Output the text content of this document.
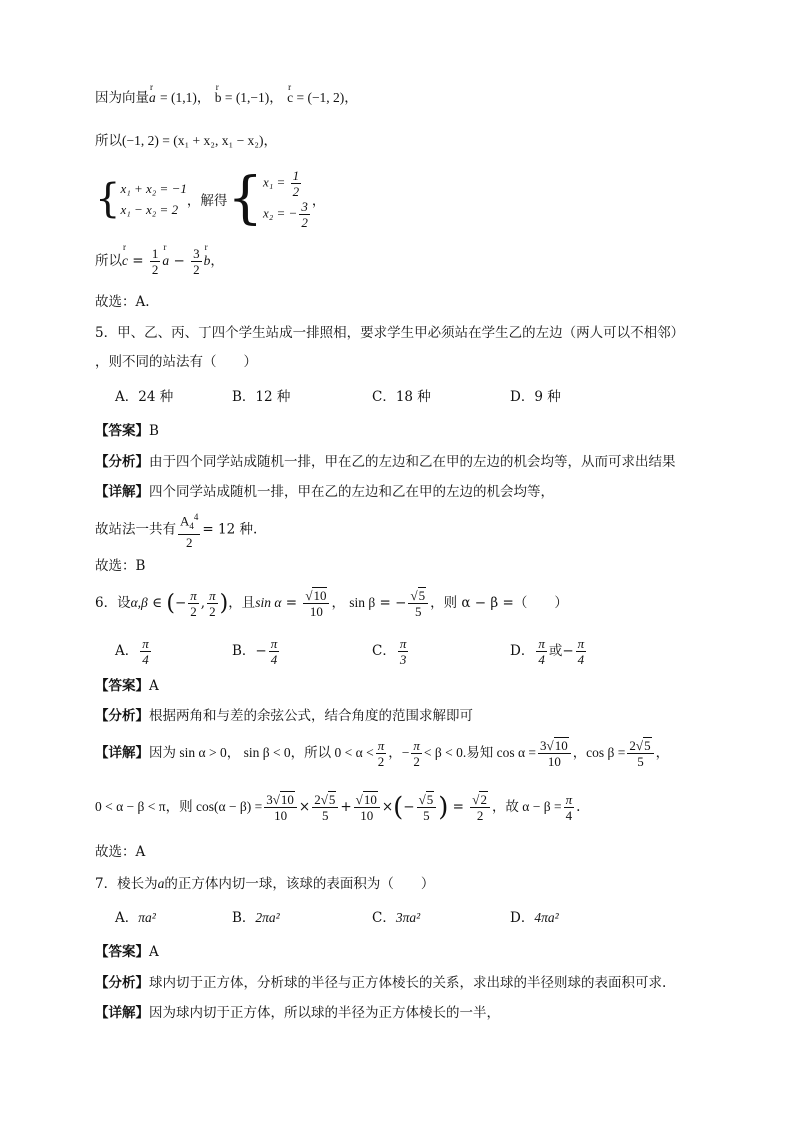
因为向量r a = (1,1)， b = (1,−1)， c = (−1, 2)，
所以(−1, 2) = (x₁ + x₂, x₁ − x₂)，
{ x₁ + x₂ = −1
x₁ − x₂ = 2
，解得{ $x_1 = \frac{1}{2}$
x₂ = − $\frac{3}{2}$ ，
所以r $c = \frac{1}{2}$ r $a - \frac{3}{2}$ r b，
故选：A.
5．甲、乙、丙、丁四个学生站成一排照相，要求学生甲必须站在学生乙的左边（两人可以不相邻）
，则不同的站法有（　　）
A．24 种	B．12 种	C．18 种	D．9 种
【答案】B
【分析】由于四个同学站成随机一排，甲在乙的左边和乙在甲的左边的机会均等，从而可求出结果
【详解】四个同学站成随机一排，甲在乙的左边和乙在甲的左边的机会均等，
故站法一共有 $\frac{A_4^4}{2} = 12$ 种.
故选：B
6．设α,β ∈ (− $\frac{\pi}{2}$ , $\frac{\pi}{2}$ )，且$\sin \alpha = \frac{√10}{10}$ ， sin β = − $\frac{√5}{5}$ ，则 α − β =（　　）
A． $\frac{\pi}{4}$	B．− $\frac{\pi}{4}$	C． $\frac{\pi}{3}$	D． $\frac{\pi}{4}$ 或− $\frac{\pi}{4}$
【答案】A
【分析】根据两角和与差的余弦公式，结合角度的范围求解即可
【详解】因为 sin α > 0， sin β < 0，所以 $0 < \alpha < \frac{\pi}{2}$ ，− $\frac{\pi}{2} < \beta < 0$.易知 $\cos \alpha = \frac{3√10}{10}$ ，$\cos \beta = \frac{2√5}{5}$ ，
0 < α − β < π，则 $\cos(\alpha - \beta) = \frac{3√10}{10} \times \frac{2√5}{5} + \frac{√10}{10}$ ×(− $\frac{√5}{5}$ ) = $\frac{√2}{2}$ ，故 $\alpha - \beta = \frac{\pi}{4}$ .
故选：A
7．棱长为a的正方体内切一球，该球的表面积为（　　）
A．πa²	B．2πa²	C．3πa²	D．4πa²
【答案】A
【分析】球内切于正方体，分析球的半径与正方体棱长的关系，求出球的半径则球的表面积可求.
【详解】因为球内切于正方体，所以球的半径为正方体棱长的一半，
